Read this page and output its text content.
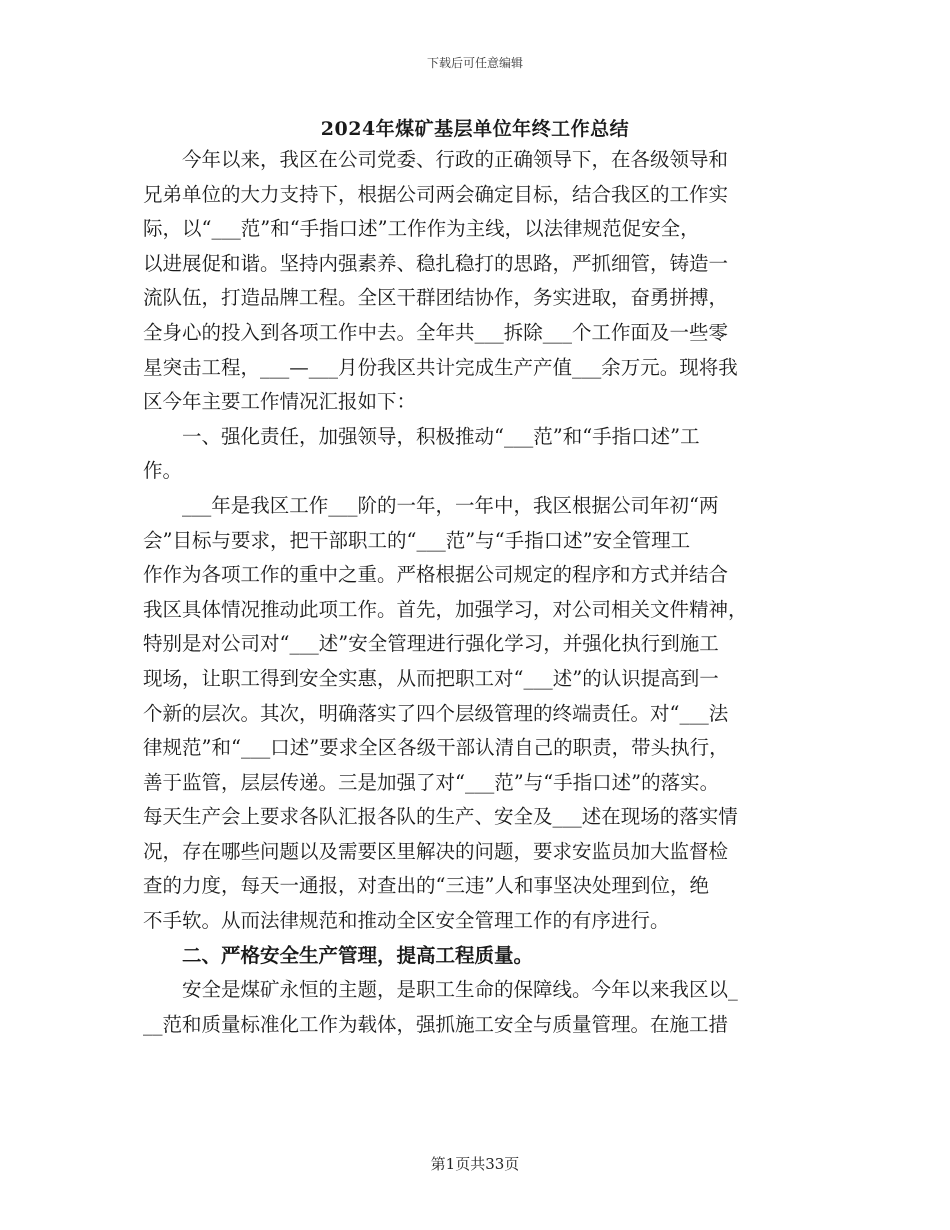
下载后可任意编辑
2024年煤矿基层单位年终工作总结
　　今年以来，我区在公司党委、行政的正确领导下，在各级领导和
兄弟单位的大力支持下，根据公司两会确定目标，结合我区的工作实
际，以“___范”和“手指口述”工作作为主线，以法律规范促安全，
以进展促和谐。坚持内强素养、稳扎稳打的思路，严抓细管，铸造一
流队伍，打造品牌工程。全区干群团结协作，务实进取，奋勇拼搏，
全身心的投入到各项工作中去。全年共___拆除___个工作面及一些零
星突击工程，___—___月份我区共计完成生产产值___余万元。现将我
区今年主要工作情况汇报如下：
　　一、强化责任，加强领导，积极推动“___范”和“手指口述”工
作。
　　___年是我区工作___阶的一年，一年中，我区根据公司年初“两
会”目标与要求，把干部职工的“___范”与“手指口述”安全管理工
作作为各项工作的重中之重。严格根据公司规定的程序和方式并结合
我区具体情况推动此项工作。首先，加强学习，对公司相关文件精神，
特别是对公司对“___述”安全管理进行强化学习，并强化执行到施工
现场，让职工得到安全实惠，从而把职工对“___述”的认识提高到一
个新的层次。其次，明确落实了四个层级管理的终端责任。对“___法
律规范”和“___口述”要求全区各级干部认清自己的职责，带头执行，
善于监管，层层传递。三是加强了对“___范”与“手指口述”的落实。
每天生产会上要求各队汇报各队的生产、安全及___述在现场的落实情
况，存在哪些问题以及需要区里解决的问题，要求安监员加大监督检
查的力度，每天一通报，对查出的“三违”人和事坚决处理到位，绝
不手软。从而法律规范和推动全区安全管理工作的有序进行。
　　二、严格安全生产管理，提高工程质量。
　　安全是煤矿永恒的主题，是职工生命的保障线。今年以来我区以_
__范和质量标准化工作为载体，强抓施工安全与质量管理。在施工措
第1页共33页
